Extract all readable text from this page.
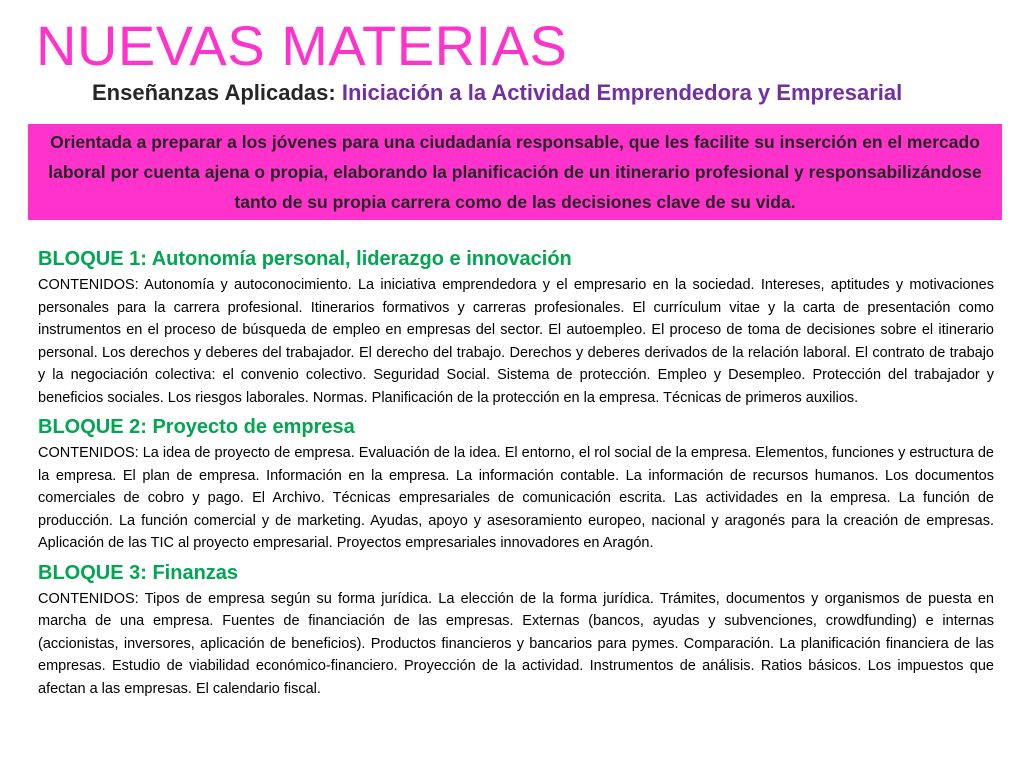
NUEVAS MATERIAS
Enseñanzas Aplicadas: Iniciación a la Actividad Emprendedora y Empresarial

Orientada a preparar a los jóvenes para una ciudadanía responsable, que les facilite su inserción en el mercado laboral por cuenta ajena o propia, elaborando la planificación de un itinerario profesional y responsabilizándose tanto de su propia carrera como de las decisiones clave de su vida.

BLOQUE 1: Autonomía personal, liderazgo e innovación

CONTENIDOS: Autonomía y autoconocimiento. La iniciativa emprendedora y el empresario en la sociedad. Intereses, aptitudes y motivaciones personales para la carrera profesional. Itinerarios formativos y carreras profesionales. El currículum vitae y la carta de presentación como instrumentos en el proceso de búsqueda de empleo en empresas del sector. El autoempleo. El proceso de toma de decisiones sobre el itinerario personal. Los derechos y deberes del trabajador. El derecho del trabajo. Derechos y deberes derivados de la relación laboral. El contrato de trabajo y la negociación colectiva: el convenio colectivo. Seguridad Social. Sistema de protección. Empleo y Desempleo. Protección del trabajador y beneficios sociales. Los riesgos laborales. Normas. Planificación de la protección en la empresa. Técnicas de primeros auxilios.

BLOQUE 2: Proyecto de empresa

CONTENIDOS: La idea de proyecto de empresa. Evaluación de la idea. El entorno, el rol social de la empresa. Elementos, funciones y estructura de la empresa. El plan de empresa. Información en la empresa. La información contable. La información de recursos humanos. Los documentos comerciales de cobro y pago. El Archivo. Técnicas empresariales de comunicación escrita. Las actividades en la empresa. La función de producción. La función comercial y de marketing. Ayudas, apoyo y asesoramiento europeo, nacional y aragonés para la creación de empresas. Aplicación de las TIC al proyecto empresarial. Proyectos empresariales innovadores en Aragón.

BLOQUE 3: Finanzas

CONTENIDOS: Tipos de empresa según su forma jurídica. La elección de la forma jurídica. Trámites, documentos y organismos de puesta en marcha de una empresa. Fuentes de financiación de las empresas. Externas (bancos, ayudas y subvenciones, crowdfunding) e internas (accionistas, inversores, aplicación de beneficios). Productos financieros y bancarios para pymes. Comparación. La planificación financiera de las empresas. Estudio de viabilidad económico-financiero. Proyección de la actividad. Instrumentos de análisis. Ratios básicos. Los impuestos que afectan a las empresas. El calendario fiscal.
